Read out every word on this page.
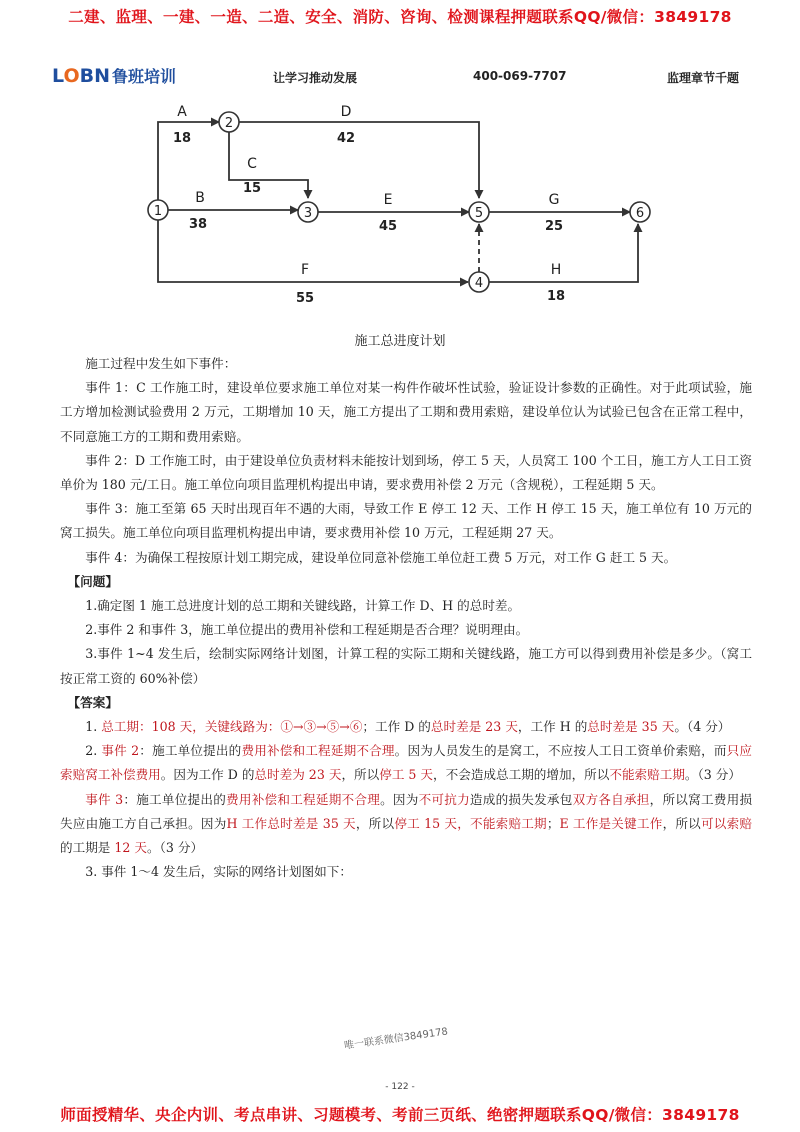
二建、监理、一建、一造、二造、安全、消防、咨询、检测课程押题联系QQ/微信：3849178
LOBN 鲁班培训	让学习推动发展	400-069-7707	监理章节千题
1
2
3
4
5	6
A
18
D
42
C
15
B
38
E
45
G
25
F
55
H
18
施工总进度计划

施工过程中发生如下事件：

事件 1：C 工作施工时，建设单位要求施工单位对某一构件作破坏性试验，验证设计参数的正确性。对于此项试验，施工方增加检测试验费用 2 万元，工期增加 10 天，施工方提出了工期和费用索赔，建设单位认为试验已包含在正常工程中，不同意施工方的工期和费用索赔。

事件 2：D 工作施工时，由于建设单位负责材料未能按计划到场，停工 5 天，人员窝工 100 个工日，施工方人工日工资单价为 180 元/工日。施工单位向项目监理机构提出申请，要求费用补偿 2 万元（含规税），工程延期 5 天。

事件 3：施工至第 65 天时出现百年不遇的大雨，导致工作 E 停工 12 天、工作 H 停工 15 天，施工单位有 10 万元的窝工损失。施工单位向项目监理机构提出申请，要求费用补偿 10 万元，工程延期 27 天。

事件 4：为确保工程按原计划工期完成，建设单位同意补偿施工单位赶工费 5 万元，对工作 G 赶工 5 天。

【问题】

1.确定图 1 施工总进度计划的总工期和关键线路，计算工作 D、H 的总时差。

2.事件 2 和事件 3，施工单位提出的费用补偿和工程延期是否合理？说明理由。

3.事件 1~4 发生后，绘制实际网络计划图，计算工程的实际工期和关键线路，施工方可以得到费用补偿是多少。（窝工按正常工资的 60%补偿）

【答案】

1. 总工期：108 天，关键线路为：①→③→⑤→⑥；工作 D 的总时差是 23 天，工作 H 的总时差是 35 天。（4 分）

2. 事件 2：施工单位提出的费用补偿和工程延期不合理。因为人员发生的是窝工，不应按人工日工资单价索赔，而只应索赔窝工补偿费用。因为工作 D 的总时差为 23 天，所以停工 5 天，不会造成总工期的增加，所以不能索赔工期。（3 分）

事件 3：施工单位提出的费用补偿和工程延期不合理。因为不可抗力造成的损失发承包双方各自承担，所以窝工费用损失应由施工方自己承担。因为H 工作总时差是 35 天，所以停工 15 天，不能索赔工期；E 工作是关键工作，所以可以索赔的工期是 12 天。（3 分）

3. 事件 1～4 发生后，实际的网络计划图如下：

唯一联系微信3849178
- 122 -
师面授精华、央企内训、考点串讲、习题模考、考前三页纸、绝密押题联系QQ/微信：3849178
